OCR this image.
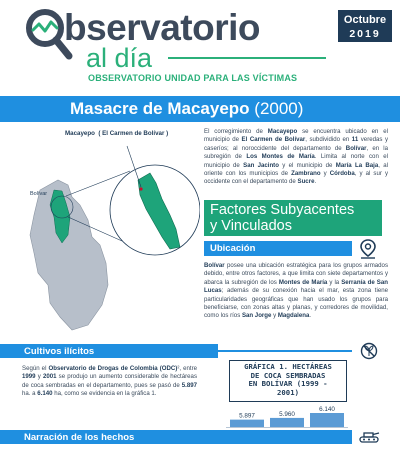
bservatorio
al día
OBSERVATORIO UNIDAD PARA LAS VÍCTIMAS
Octubre
2019
Masacre de Macayepo (2000)
Macayepo  ( El Carmen de Bolívar )
Bolívar
El corregimiento de Macayepo se encuentra ubicado en el municipio de El Carmen de Bolívar, subdividido en 11 veredas y caseríos; al noroccidente del departamento de Bolívar, en la subregión de Los Montes de María. Limita al norte con el municipio de San Jacinto y el municipio de María La Baja, al oriente con los municipios de Zambrano y Córdoba, y al sur y occidente con el departamento de Sucre.
Factores Subyacentes
y Vinculados
Ubicación
Bolívar posee una ubicación estratégica para los grupos armados debido, entre otros factores, a que limita con siete departamentos y abarca la subregión de los Montes de María y la Serranía de San Lucas; además de su conexión hacia el mar, esta zona tiene particularidades geográficas que han usado los grupos para beneficiarse, con zonas altas y planas, y corredores de movilidad, como los ríos San Jorge y Magdalena.
Cultivos ilícitos
Según el Observatorio de Drogas de Colombia (ODC)², entre 1999 y 2001 se produjo un aumento considerable de hectáreas de coca sembradas en el departamento, pues se pasó de 5.897 ha. a 6.140 ha, como se evidencia en la gráfica 1.
GRÁFICA 1. HECTÁREAS
DE COCA SEMBRADAS
EN BOLÍVAR (1999 -
2001)
5.897	5.960
6.140
Narración de los hechos
